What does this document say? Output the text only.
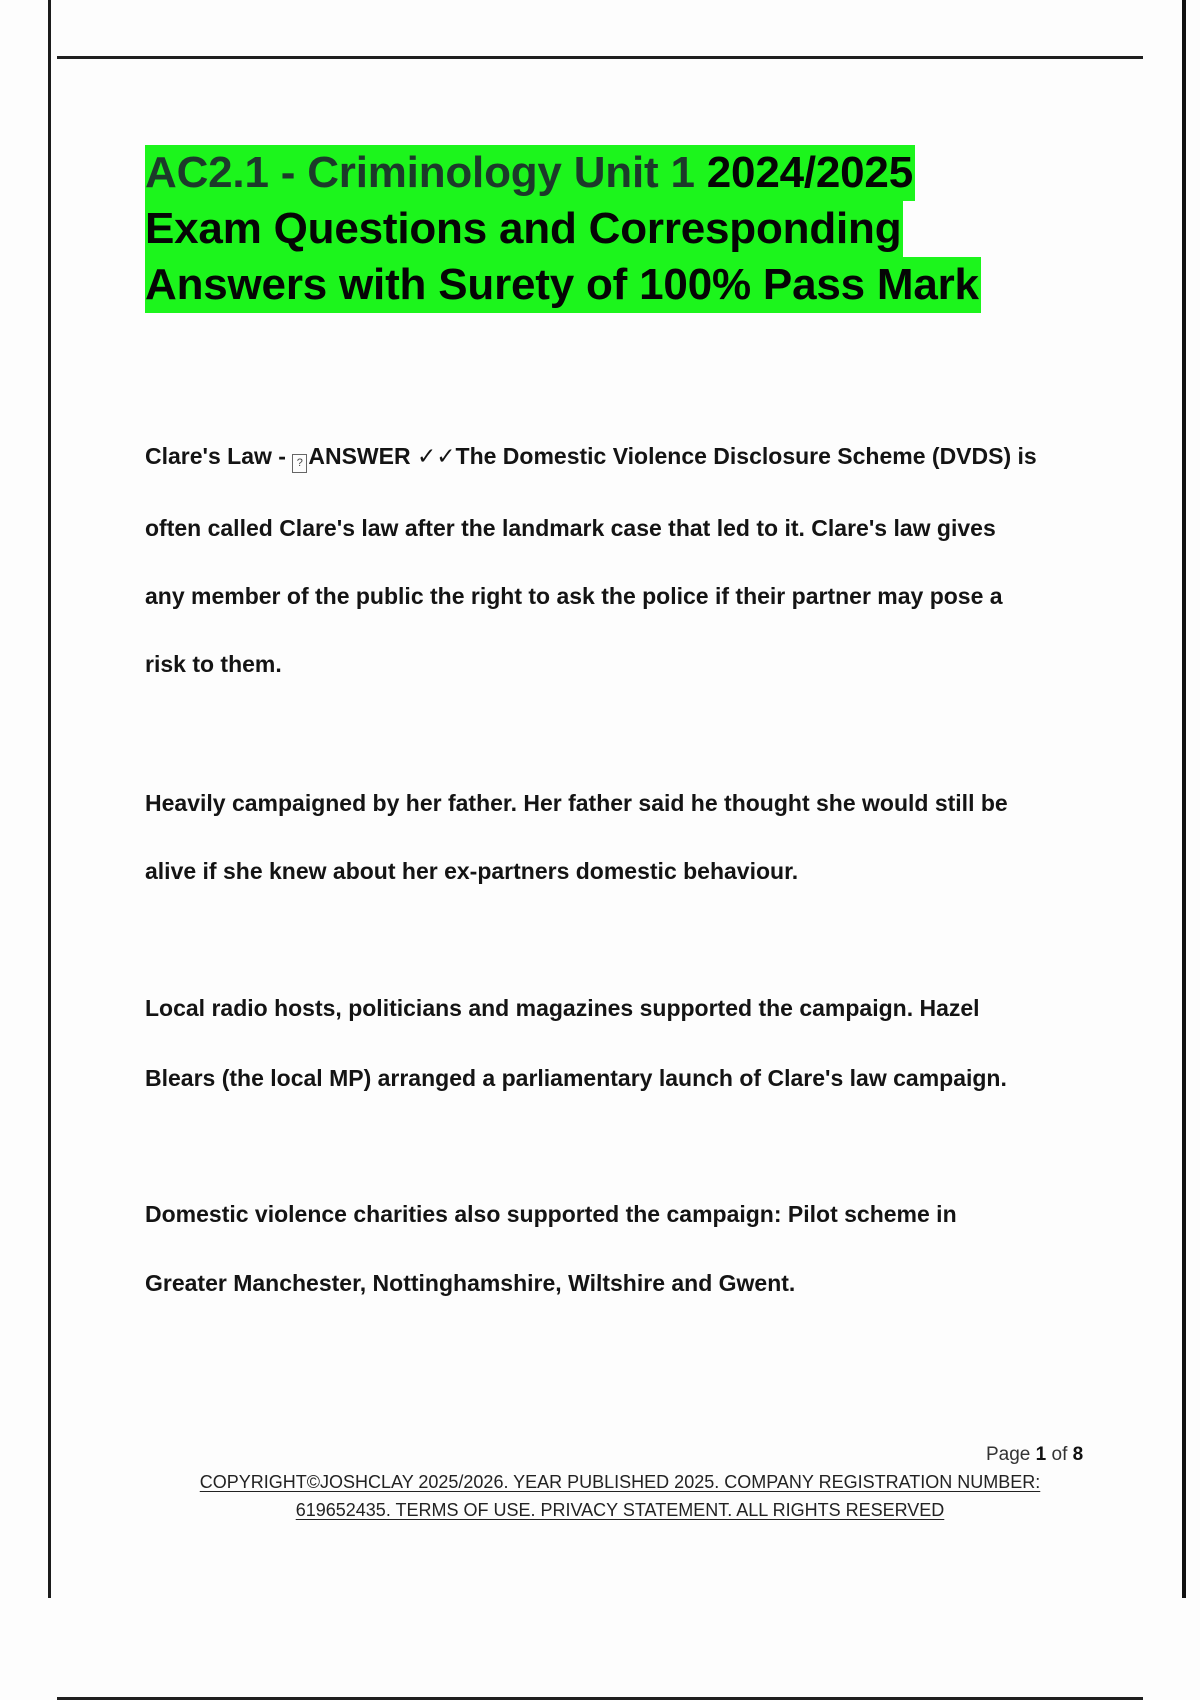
AC2.1 - Criminology Unit 1 2024/2025
Exam Questions and Corresponding
Answers with Surety of 100% Pass Mark
Clare's Law - ? ANSWER ✓✓The Domestic Violence Disclosure Scheme (DVDS) is
often called Clare's law after the landmark case that led to it. Clare's law gives
any member of the public the right to ask the police if their partner may pose a
risk to them.
Heavily campaigned by her father. Her father said he thought she would still be
alive if she knew about her ex-partners domestic behaviour.
Local radio hosts, politicians and magazines supported the campaign. Hazel
Blears (the local MP) arranged a parliamentary launch of Clare's law campaign.
Domestic violence charities also supported the campaign: Pilot scheme in
Greater Manchester, Nottinghamshire, Wiltshire and Gwent.
Page 1 of 8
COPYRIGHT©JOSHCLAY 2025/2026. YEAR PUBLISHED 2025. COMPANY REGISTRATION NUMBER:
619652435. TERMS OF USE. PRIVACY STATEMENT. ALL RIGHTS RESERVED
